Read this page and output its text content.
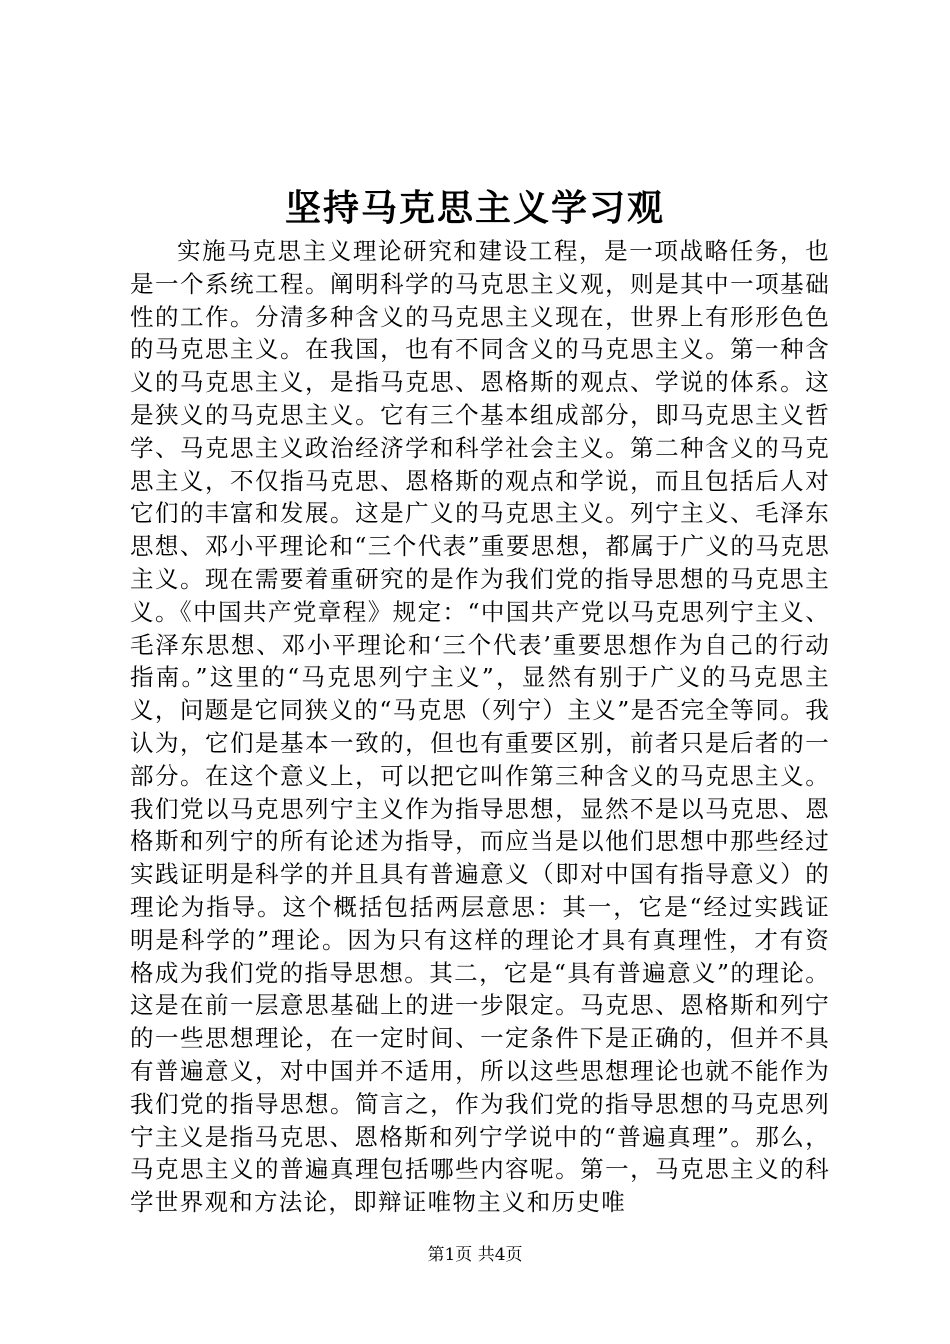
坚持马克思主义学习观

实施马克思主义理论研究和建设工程，是一项战略任务，也是一个系统工程。阐明科学的马克思主义观，则是其中一项基础性的工作。分清多种含义的马克思主义现在，世界上有形形色色的马克思主义。在我国，也有不同含义的马克思主义。第一种含义的马克思主义，是指马克思、恩格斯的观点、学说的体系。这是狭义的马克思主义。它有三个基本组成部分，即马克思主义哲学、马克思主义政治经济学和科学社会主义。第二种含义的马克思主义，不仅指马克思、恩格斯的观点和学说，而且包括后人对它们的丰富和发展。这是广义的马克思主义。列宁主义、毛泽东思想、邓小平理论和“三个代表”重要思想，都属于广义的马克思主义。现在需要着重研究的是作为我们党的指导思想的马克思主义。《中国共产党章程》规定：“中国共产党以马克思列宁主义、毛泽东思想、邓小平理论和‘三个代表’重要思想作为自己的行动指南。”这里的“马克思列宁主义”，显然有别于广义的马克思主义，问题是它同狭义的“马克思（列宁）主义”是否完全等同。我认为，它们是基本一致的，但也有重要区别，前者只是后者的一部分。在这个意义上，可以把它叫作第三种含义的马克思主义。我们党以马克思列宁主义作为指导思想，显然不是以马克思、恩格斯和列宁的所有论述为指导，而应当是以他们思想中那些经过实践证明是科学的并且具有普遍意义（即对中国有指导意义）的理论为指导。这个概括包括两层意思：其一，它是“经过实践证明是科学的”理论。因为只有这样的理论才具有真理性，才有资格成为我们党的指导思想。其二，它是“具有普遍意义”的理论。这是在前一层意思基础上的进一步限定。马克思、恩格斯和列宁的一些思想理论，在一定时间、一定条件下是正确的，但并不具有普遍意义，对中国并不适用，所以这些思想理论也就不能作为我们党的指导思想。简言之，作为我们党的指导思想的马克思列宁主义是指马克思、恩格斯和列宁学说中的“普遍真理”。那么，马克思主义的普遍真理包括哪些内容呢。第一，马克思主义的科学世界观和方法论，即辩证唯物主义和历史唯

第1页 共4页
